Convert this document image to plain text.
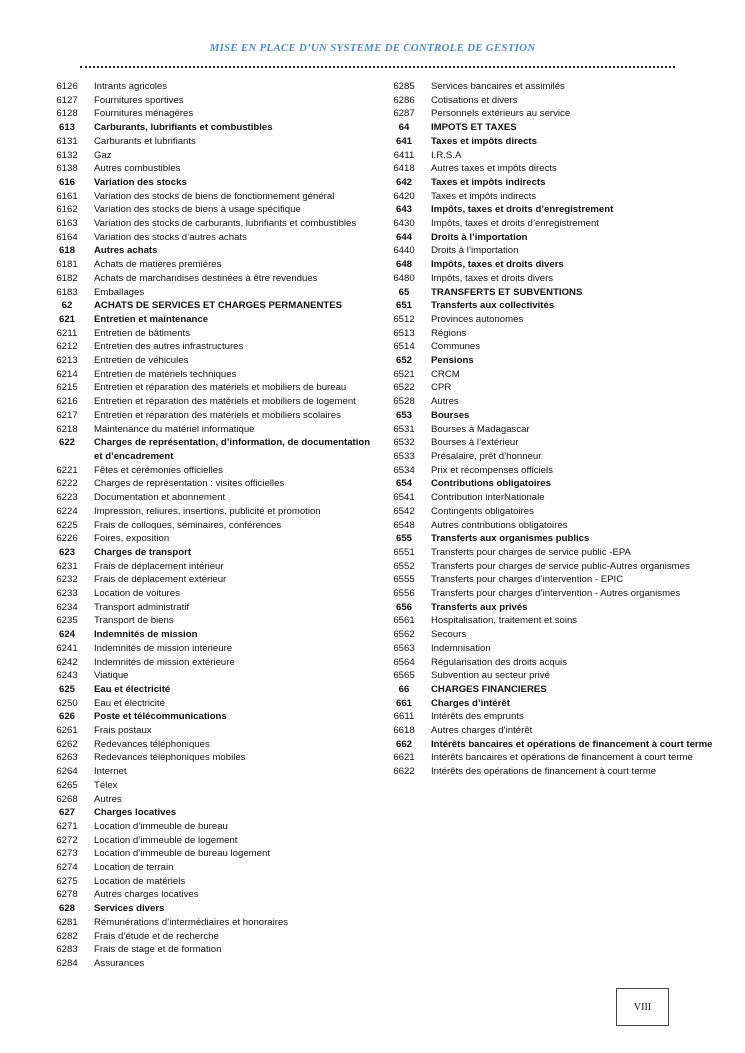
MISE EN PLACE D’UN SYSTEME DE CONTROLE DE GESTION
6126	Intrants agricoles
6127	Fournitures sportives
6128	Fournitures ménagères
613	Carburants, lubrifiants et combustibles
6131	Carburants et lubrifiants
6132	Gaz
6138	Autres combustibles
616	Variation des stocks
6161	Variation des stocks de biens de fonctionnement général
6162	Variation des stocks de biens à usage spécifique
6163	Variation des stocks de carburants, lubrifiants et combustibles
6164	Variation des stocks d’autres achats
618	Autres achats
6181	Achats de matières premières
6182	Achats de marchandises destinées à être revendues
6183	Emballages
62	ACHATS DE SERVICES ET CHARGES PERMANENTES
621	Entretien et maintenance
6211	Entretien de bâtiments
6212	Entretien des autres infrastructures
6213	Entretien de véhicules
6214	Entretien de matériels techniques
6215	Entretien et réparation des matériels et mobiliers de bureau
6216	Entretien et réparation des matériels et mobiliers de logement
6217	Entretien et réparation des matériels et mobiliers scolaires
6218	Maintenance du matériel informatique
622	Charges de représentation, d’information, de documentation et d’encadrement
6221	Fêtes et cérémonies officielles
6222	Charges de représentation : visites officielles
6223	Documentation et abonnement
6224	Impression, reliures, insertions, publicité et promotion
6225	Frais de colloques, séminaires, conférences
6226	Foires, exposition
623	Charges de transport
6231	Frais de déplacement intérieur
6232	Frais de déplacement extérieur
6233	Location de voitures
6234	Transport administratif
6235	Transport de biens
624	Indemnités de mission
6241	Indemnités de mission intérieure
6242	Indemnités de mission extérieure
6243	Viatique
625	Eau et électricité
6250	Eau et électricité
626	Poste et télécommunications
6261	Frais postaux
6262	Redevances téléphoniques
6263	Redevances téléphoniques mobiles
6264	Internet
6265	Télex
6268	Autres
627	Charges locatives
6271	Location d’immeuble de bureau
6272	Location d’immeuble de logement
6273	Location d’immeuble de bureau logement
6274	Location de terrain
6275	Location de matériels
6278	Autres charges locatives
628	Services divers
6281	Rémunérations d’intermédiaires et honoraires
6282	Frais d’étude et de recherche
6283	Frais de stage et de formation
6284	Assurances
6285	Services bancaires et assimilés
6286	Cotisations et divers
6287	Personnels extérieurs au service
64	IMPOTS ET TAXES
641	Taxes et impôts directs
6411	I.R.S.A
6418	Autres taxes et impôts directs
642	Taxes et impôts indirects
6420	Taxes et impôts indirects
643	Impôts, taxes et droits d’enregistrement
6430	Impôts, taxes et droits d’enregistrement
644	Droits à l’importation
6440	Droits à l’importation
648	Impôts, taxes et droits divers
6480	Impôts, taxes et droits divers
65	TRANSFERTS ET SUBVENTIONS
651	Transferts aux collectivités
6512	Provinces autonomes
6513	Régions
6514	Communes
652	Pensions
6521	CRCM
6522	CPR
6528	Autres
653	Bourses
6531	Bourses à Madagascar
6532	Bourses à l’extérieur
6533	Présalaire, prêt d’honneur
6534	Prix et récompenses officiels
654	Contributions obligatoires
6541	Contribution interNationale
6542	Contingents obligatoires
6548	Autres contributions obligatoires
655	Transferts aux organismes publics
6551	Transferts pour charges de service public -EPA
6552	Transferts pour charges de service public-Autres organismes
6555	Transferts pour charges d’intervention - EPIC
6556	Transferts pour charges d’intervention - Autres organismes
656	Transferts aux privés
6561	Hospitalisation, traitement et soins
6562	Secours
6563	Indemnisation
6564	Régularisation des droits acquis
6565	Subvention au secteur privé
66	CHARGES FINANCIERES
661	Charges d’intérêt
6611	Intérêts des emprunts
6618	Autres charges d’intérêt
662	Intérêts bancaires et opérations de financement à court terme
6621	Intérêts bancaires et opérations de financement à court terme
6622	Intérêts des opérations de financement à court terme
VIII
